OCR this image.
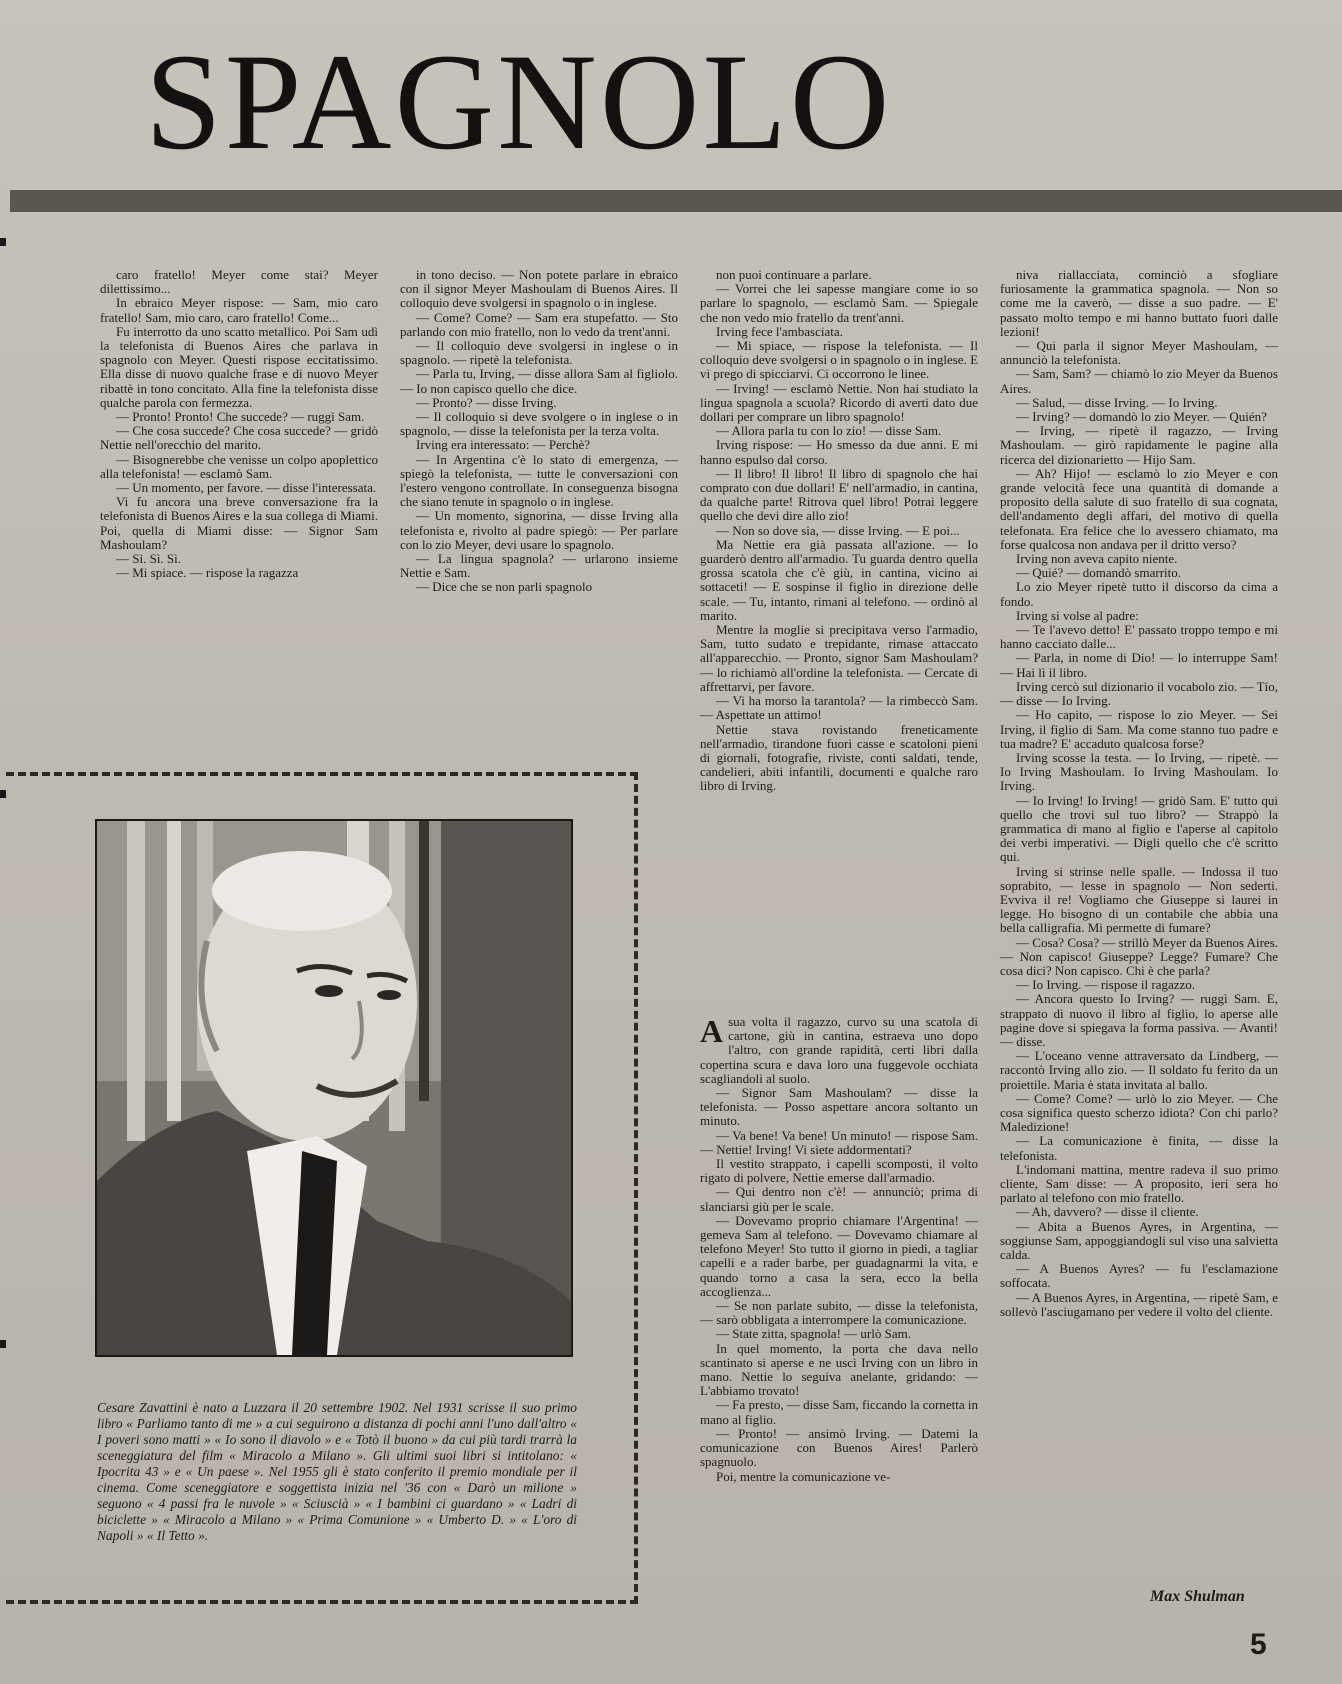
SPAGNOLO

caro fratello! Meyer come stai? Meyer dilettissimo...

In ebraico Meyer rispose: — Sam, mio caro fratello! Sam, mio caro, caro fratello! Come...

Fu interrotto da uno scatto metallico. Poi Sam udì la telefonista di Buenos Aires che parlava in spagnolo con Meyer. Questi rispose eccitatissimo. Ella disse di nuovo qualche frase e di nuovo Meyer ribattè in tono concitato. Alla fine la telefonista disse qualche parola con fermezza.

— Pronto! Pronto! Che succede? — ruggì Sam.

— Che cosa succede? Che cosa succede? — gridò Nettie nell'orecchio del marito.

— Bisognerebbe che venisse un colpo apoplettico alla telefonista! — esclamò Sam.

— Un momento, per favore. — disse l'interessata.

Vi fu ancora una breve conversazione fra la telefonista di Buenos Aires e la sua collega di Miami. Poi, quella di Miami disse: — Signor Sam Mashoulam?

— Sì. Sì. Sì.

— Mi spiace. — rispose la ragazza

in tono deciso. — Non potete parlare in ebraico con il signor Meyer Mashoulam di Buenos Aires. Il colloquio deve svolgersi in spagnolo o in inglese.

— Come? Come? — Sam era stupefatto. — Sto parlando con mio fratello, non lo vedo da trent'anni.

— Il colloquio deve svolgersi in inglese o in spagnolo. — ripetè la telefonista.

— Parla tu, Irving, — disse allora Sam al figliolo. — Io non capisco quello che dice.

— Pronto? — disse Irving.

— Il colloquio si deve svolgere o in inglese o in spagnolo, — disse la telefonista per la terza volta.

Irving era interessato: — Perchè?

— In Argentina c'è lo stato di emergenza, — spiegò la telefonista, — tutte le conversazioni con l'estero vengono controllate. In conseguenza bisogna che siano tenute in spagnolo o in inglese.

— Un momento, signorina, — disse Irving alla telefonista e, rivolto al padre spiegò: — Per parlare con lo zio Meyer, devi usare lo spagnolo.

— La lingua spagnola? — urlarono insieme Nettie e Sam.

— Dice che se non parli spagnolo

non puoi continuare a parlare.

— Vorrei che lei sapesse mangiare come io so parlare lo spagnolo, — esclamò Sam. — Spiegale che non vedo mio fratello da trent'anni.

Irving fece l'ambasciata.

— Mi spiace, — rispose la telefonista. — Il colloquio deve svolgersi o in spagnolo o in inglese. E vi prego di spicciarvi. Ci occorrono le linee.

— Irving! — esclamò Nettie. Non hai studiato la lingua spagnola a scuola? Ricordo di averti dato due dollari per comprare un libro spagnolo!

— Allora parla tu con lo zio! — disse Sam.

Irving rispose: — Ho smesso da due anni. E mi hanno espulso dal corso.

— Il libro! Il libro! Il libro di spagnolo che hai comprato con due dollari! E' nell'armadio, in cantina, da qualche parte! Ritrova quel libro! Potrai leggere quello che devi dire allo zio!

— Non so dove sia, — disse Irving. — E poi...

Ma Nettie era già passata all'azione. — Io guarderò dentro all'armadio. Tu guarda dentro quella grossa scatola che c'è giù, in cantina, vicino ai sottaceti! — E sospinse il figlio in direzione delle scale. — Tu, intanto, rimani al telefono. — ordinò al marito.

Mentre la moglie si precipitava verso l'armadio, Sam, tutto sudato e trepidante, rimase attaccato all'apparecchio. — Pronto, signor Sam Mashoulam? — lo richiamò all'ordine la telefonista. — Cercate di affrettarvi, per favore.

— Vi ha morso la tarantola? — la rimbeccò Sam. — Aspettate un attimo!

Nettie stava rovistando freneticamente nell'armadio, tirandone fuori casse e scatoloni pieni di giornali, fotografie, riviste, conti saldati, tende, candelieri, abiti infantili, documenti e qualche raro libro di Irving.

niva riallacciata, cominciò a sfogliare furiosamente la grammatica spagnola. — Non so come me la caverò, — disse a suo padre. — E' passato molto tempo e mi hanno buttato fuori dalle lezioni!

— Qui parla il signor Meyer Mashoulam, — annunciò la telefonista.

— Sam, Sam? — chiamò lo zio Meyer da Buenos Aires.

— Salud, — disse Irving. — Io Irving.

— Irving? — domandò lo zio Meyer. — Quién?

— Irving, — ripetè il ragazzo, — Irving Mashoulam. — girò rapidamente le pagine alla ricerca del dizionarietto — Hijo Sam.

— Ah? Hijo! — esclamò lo zio Meyer e con grande velocità fece una quantità di domande a proposito della salute di suo fratello di sua cognata, dell'andamento degli affari, del motivo di quella telefonata. Era felice che lo avessero chiamato, ma forse qualcosa non andava per il dritto verso?

Irving non aveva capito niente.

— Quié? — domandò smarrito.

Lo zio Meyer ripetè tutto il discorso da cima a fondo.

Irving si volse al padre:

— Te l'avevo detto! E' passato troppo tempo e mi hanno cacciato dalle...

— Parla, in nome di Dio! — lo interruppe Sam! — Hai lì il libro.

Irving cercò sul dizionario il vocabolo zio. — Tío, — disse — Io Irving.

— Ho capito, — rispose lo zio Meyer. — Sei Irving, il figlio di Sam. Ma come stanno tuo padre e tua madre? E' accaduto qualcosa forse?

Irving scosse la testa. — Io Irving, — ripetè. — Io Irving Mashoulam. Io Irving Mashoulam. Io Irving.

— Io Irving! Io Irving! — gridò Sam. E' tutto qui quello che trovi sul tuo libro? — Strappò la grammatica di mano al figlio e l'aperse al capitolo dei verbi imperativi. — Digli quello che c'è scritto qui.

Irving si strinse nelle spalle. — Indossa il tuo soprabito, — lesse in spagnolo — Non sederti. Evviva il re! Vogliamo che Giuseppe si laurei in legge. Ho bisogno di un contabile che abbia una bella calligrafia. Mi permette di fumare?

— Cosa? Cosa? — strillò Meyer da Buenos Aires. — Non capisco! Giuseppe? Legge? Fumare? Che cosa dici? Non capisco. Chi è che parla?

— Io Irving. — rispose il ragazzo.

— Ancora questo Io Irving? — ruggì Sam. E, strappato di nuovo il libro al figlio, lo aperse alle pagine dove si spiegava la forma passiva. — Avanti! — disse.

— L'oceano venne attraversato da Lindberg, — raccontò Irving allo zio. — Il soldato fu ferito da un proiettile. Maria è stata invitata al ballo.

— Come? Come? — urlò lo zio Meyer. — Che cosa significa questo scherzo idiota? Con chi parlo? Maledizione!

— La comunicazione è finita, — disse la telefonista.

L'indomani mattina, mentre radeva il suo primo cliente, Sam disse: — A proposito, ieri sera ho parlato al telefono con mio fratello.

— Ah, davvero? — disse il cliente.

— Abita a Buenos Ayres, in Argentina, — soggiunse Sam, appoggiandogli sul viso una salvietta calda.

— A Buenos Ayres? — fu l'esclamazione soffocata.

— A Buenos Ayres, in Argentina, — ripetè Sam, e sollevò l'asciugamano per vedere il volto del cliente.

Asua volta il ragazzo, curvo su una scatola di cartone, giù in cantina, estraeva uno dopo l'altro, con grande rapidità, certi libri dalla copertina scura e dava loro una fuggevole occhiata scagliandoli al suolo.

— Signor Sam Mashoulam? — disse la telefonista. — Posso aspettare ancora soltanto un minuto.

— Va bene! Va bene! Un minuto! — rispose Sam. — Nettie! Irving! Vi siete addormentati?

Il vestito strappato, i capelli scomposti, il volto rigato di polvere, Nettie emerse dall'armadio.

— Qui dentro non c'è! — annunciò; prima di slanciarsi giù per le scale.

— Dovevamo proprio chiamare l'Argentina! — gemeva Sam al telefono. — Dovevamo chiamare al telefono Meyer! Sto tutto il giorno in piedi, a tagliar capelli e a rader barbe, per guadagnarmi la vita, e quando torno a casa la sera, ecco la bella accoglienza...

— Se non parlate subito, — disse la telefonista, — sarò obbligata a interrompere la comunicazione.

— State zitta, spagnola! — urlò Sam.

In quel momento, la porta che dava nello scantinato si aperse e ne uscì Irving con un libro in mano. Nettie lo seguiva anelante, gridando: — L'abbiamo trovato!

— Fa presto, — disse Sam, ficcando la cornetta in mano al figlio.

— Pronto! — ansimò Irving. — Datemi la comunicazione con Buenos Aires! Parlerò spagnuolo.

Poi, mentre la comunicazione ve-

Cesare Zavattini è nato a Luzzara il 20 settembre 1902. Nel 1931 scrisse il suo primo libro « Parliamo tanto di me » a cui seguirono a distanza di pochi anni l'uno dall'altro « I poveri sono matti » « Io sono il diavolo » e « Totò il buono » da cui più tardi trarrà la sceneggiatura del film « Miracolo a Milano ». Gli ultimi suoi libri si intitolano: « Ipocrita 43 » e « Un paese ». Nel 1955 gli è stato conferito il premio mondiale per il cinema. Come sceneggiatore e soggettista inizia nel '36 con « Darò un milione » seguono « 4 passi fra le nuvole » « Sciuscià » « I bambini ci guardano » « Ladri di biciclette » « Miracolo a Milano » « Prima Comunione » « Umberto D. » « L'oro di Napoli » « Il Tetto ».
Max Shulman
5
